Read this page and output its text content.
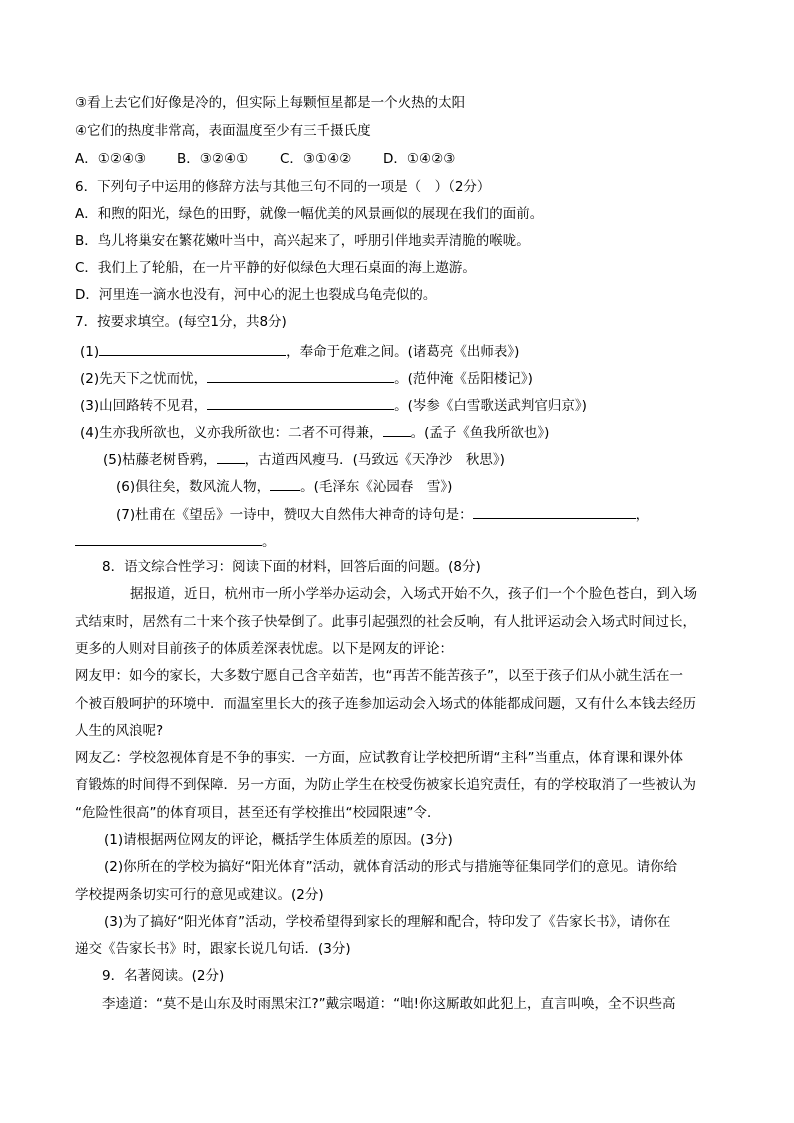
③看上去它们好像是冷的，但实际上每颗恒星都是一个火热的太阳
④它们的热度非常高，表面温度至少有三千摄氏度
A．①②④③ B．③②④① C．③①④② D．①④②③
6．下列句子中运用的修辞方法与其他三句不同的一项是（　）（2分）
A．和煦的阳光，绿色的田野，就像一幅优美的风景画似的展现在我们的面前。
B．鸟儿将巢安在繁花嫩叶当中，高兴起来了，呼朋引伴地卖弄清脆的喉咙。
C．我们上了轮船，在一片平静的好似绿色大理石桌面的海上遨游。
D．河里连一滴水也没有，河中心的泥土也裂成乌龟壳似的。
7．按要求填空。(每空1分，共8分)
(1)	，奉命于危难之间。(诸葛亮《出师表》)
(2)先天下之忧而忧，	。(范仲淹《岳阳楼记》)
(3)山回路转不见君，	。(岑参《白雪歌送武判官归京》)
(4)生亦我所欲也，义亦我所欲也：二者不可得兼， 。(孟子《鱼我所欲也》)
(5)枯藤老树昏鸦， ，古道西风瘦马．(马致远《天净沙　秋思》)
(6)俱往矣，数风流人物， 。(毛泽东《沁园春　雪》)
(7)杜甫在《望岳》一诗中，赞叹大自然伟大神奇的诗句是：	，
。
8．语文综合性学习：阅读下面的材料，回答后面的问题。(8分)
据报道，近日，杭州市一所小学举办运动会，入场式开始不久，孩子们一个个脸色苍白，到入场
式结束时，居然有二十来个孩子快晕倒了。此事引起强烈的社会反响，有人批评运动会入场式时间过长，
更多的人则对目前孩子的体质差深表忧虑。以下是网友的评论：
网友甲：如今的家长，大多数宁愿自己含辛茹苦，也“再苦不能苦孩子”，以至于孩子们从小就生活在一
个被百般呵护的环境中．而温室里长大的孩子连参加运动会入场式的体能都成问题，又有什么本钱去经历
人生的风浪呢?
网友乙：学校忽视体育是不争的事实．一方面，应试教育让学校把所谓“主科”当重点，体育课和课外体
育锻炼的时间得不到保障．另一方面，为防止学生在校受伤被家长追究责任，有的学校取消了一些被认为
“危险性很高”的体育项目，甚至还有学校推出“校园限速”令．
(1)请根据两位网友的评论，概括学生体质差的原因。(3分)
(2)你所在的学校为搞好“阳光体育”活动，就体育活动的形式与措施等征集同学们的意见。请你给
学校提两条切实可行的意见或建议。(2分)
(3)为了搞好“阳光体育”活动，学校希望得到家长的理解和配合，特印发了《告家长书》，请你在
递交《告家长书》时，跟家长说几句话．(3分)
9．名著阅读。(2分)
李逵道：“莫不是山东及时雨黑宋江?”戴宗喝道：“咄!你这厮敢如此犯上，直言叫唤，全不识些高
